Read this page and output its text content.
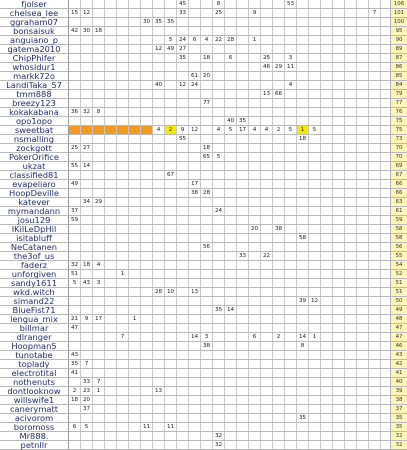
fjolser	45	8	53	106
chelsea_lee	15 12	33	25	9	7	101
ggraham07	30 35 35	100
bonsaisuk	42 30 18	95
anguiano_p	5	24	6	4	22 28	1	90
gatema2010	12 49 27	89
ChipPhifer	35	18	6	25	3	87
whosidur1	46 29 11	86
markk72o	61 20	85
LandiTaka_57	40	12 24	4	84
tmm888	13 66	79
breezy123	77	77
kokakabana	36 32	8	76
opo1opo	40 35	75
sweetbat	4	2	9	12	4	5	17	4	4	2	5	1	5	75
nsmalling	55	18	73
zockgott	25 27	18	70
PokerOrifice	65	5	70
ukzat	55 14	69
classified81	67	67
evapeliaro	49	17	66
HoopDeville	38 28	66
katever	34 29	63
mymandann	37	24	61
josu129	59	59
IKilLeDpHil	20	38	58
isitabluff	58	58
NeCatanen	56	56
the3of_us	33	22	55
faderz	32 18	4	54
unforgiven	51	1	52
sandy1611	5	43	3	51
wkd.witch	28 10	13	51
simand22	39 12	50
BlueFist71	35 14	49
lengua_mix	21	9	17	1	48
billmar	47	47
dlranger	7	14	3	6	2	14	1	47
Hoopman5	38	8	46
tunotabe	43	43
toplady	35	7	42
electrotital	41	41
nothenuts	33	7	40
dontlooknow	2	23	1	13	39
willswife1	18 20	38
canerymatt	37	37
acivorom	35	35
boromoss	6	5	11	11	35
Mr888.	32	32
petnllr	32	32
